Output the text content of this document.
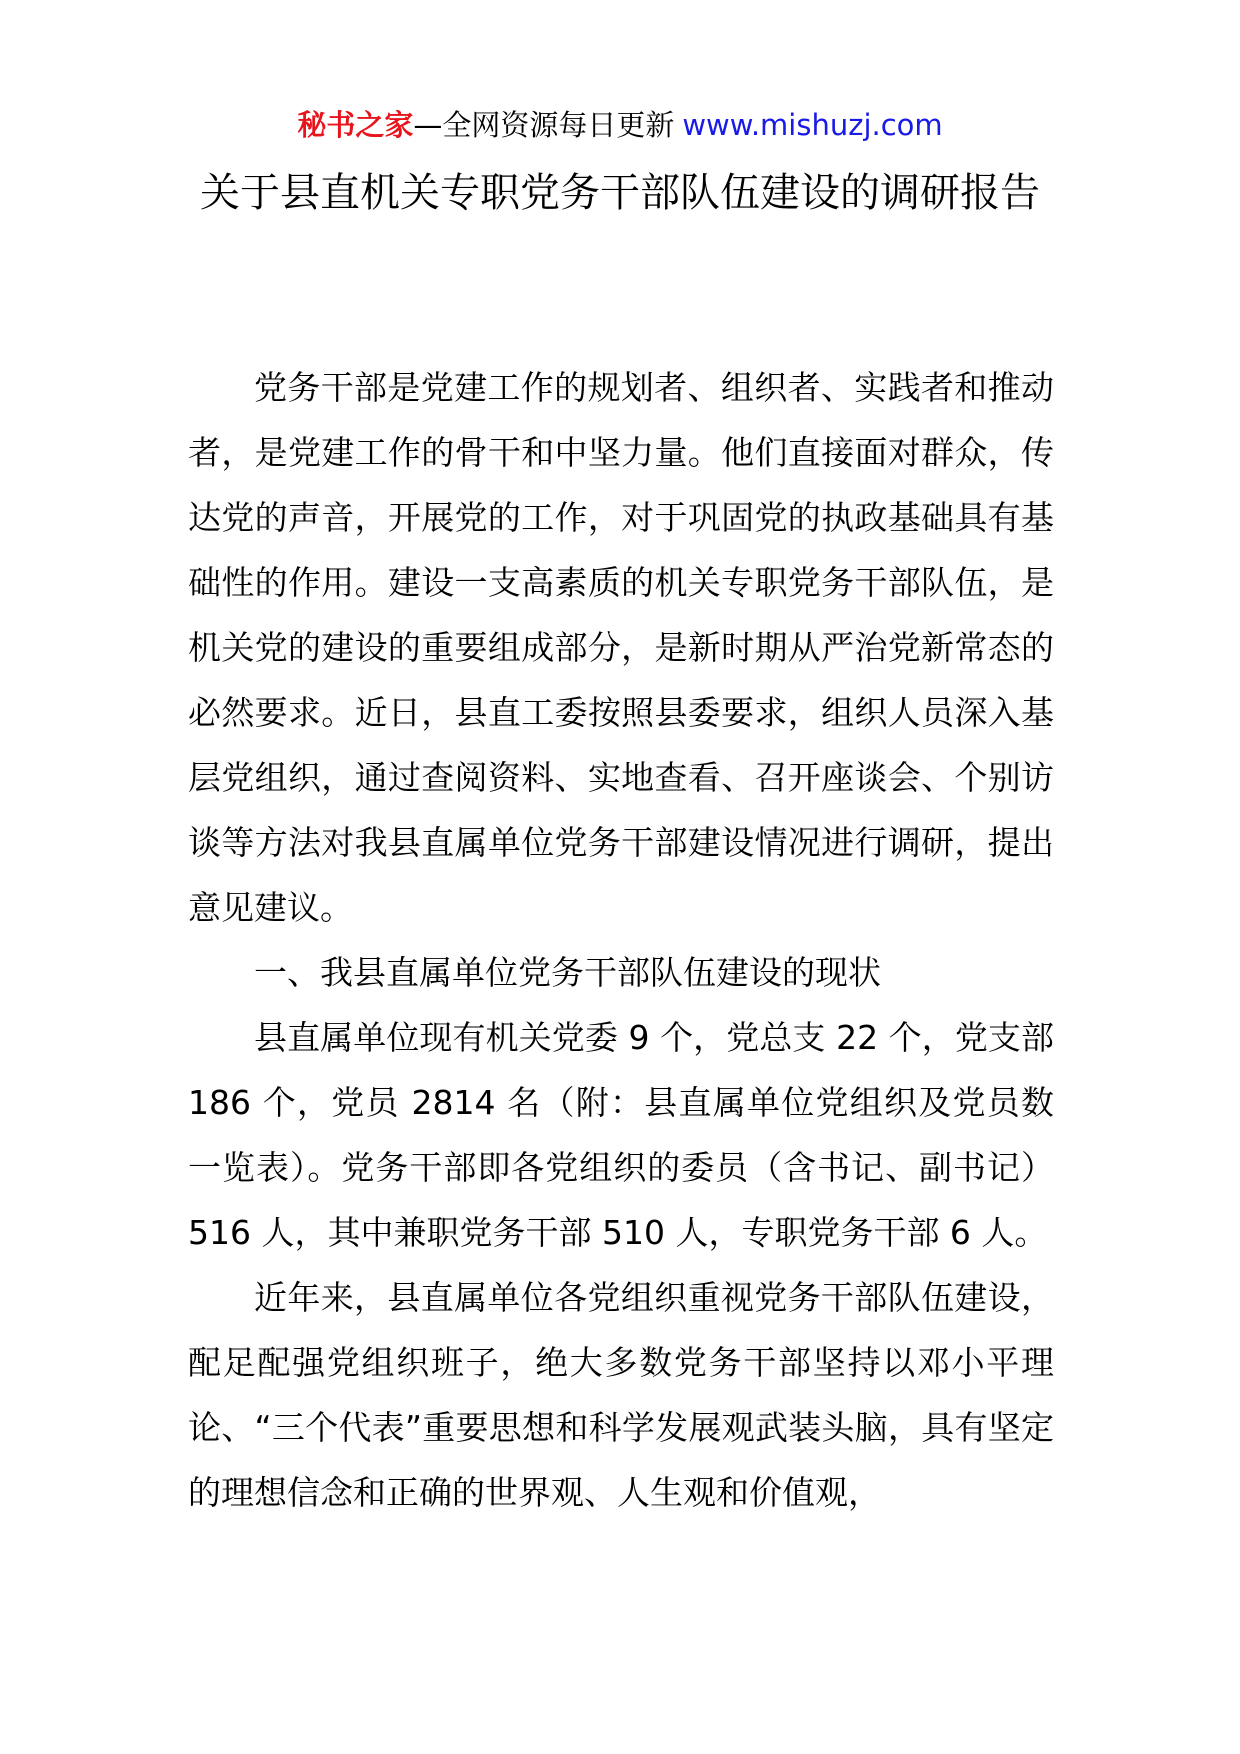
秘书之家—全网资源每日更新 www.mishuzj.com
关于县直机关专职党务干部队伍建设的调研报告

党务干部是党建工作的规划者、组织者、实践者和推动者，是党建工作的骨干和中坚力量。他们直接面对群众，传达党的声音，开展党的工作，对于巩固党的执政基础具有基础性的作用。建设一支高素质的机关专职党务干部队伍，是机关党的建设的重要组成部分，是新时期从严治党新常态的必然要求。近日，县直工委按照县委要求，组织人员深入基层党组织，通过查阅资料、实地查看、召开座谈会、个别访谈等方法对我县直属单位党务干部建设情况进行调研，提出意见建议。

一、我县直属单位党务干部队伍建设的现状

县直属单位现有机关党委 9 个，党总支 22 个，党支部 186 个，党员 2814 名（附：县直属单位党组织及党员数一览表）。党务干部即各党组织的委员（含书记、副书记）516 人，其中兼职党务干部 510 人，专职党务干部 6 人。

近年来，县直属单位各党组织重视党务干部队伍建设，配足配强党组织班子，绝大多数党务干部坚持以邓小平理论、“三个代表”重要思想和科学发展观武装头脑，具有坚定的理想信念和正确的世界观、人生观和价值观，
